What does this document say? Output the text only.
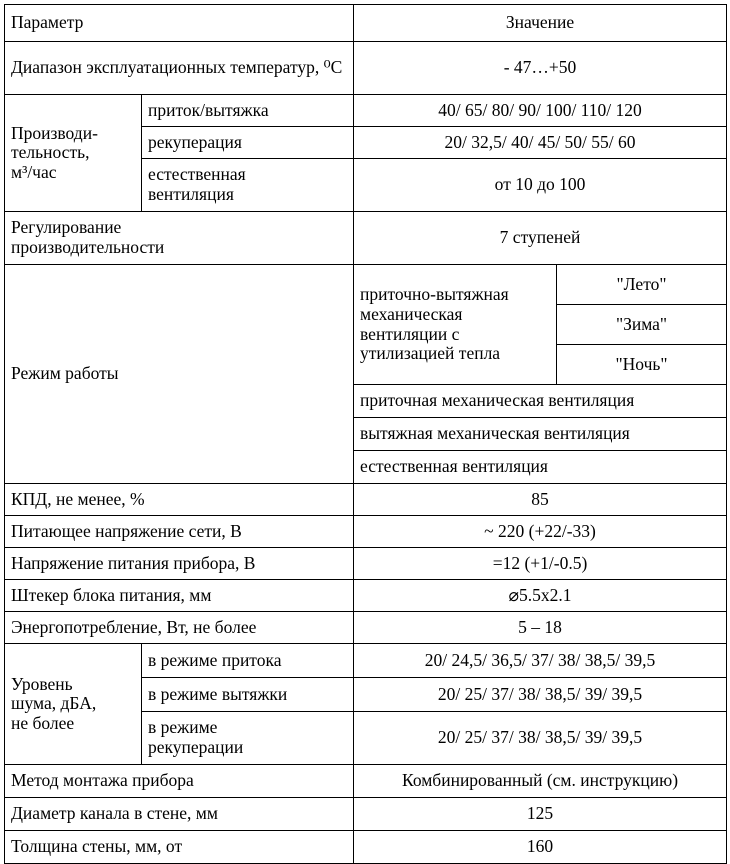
Параметр		Значение	
Диапазон эксплуатационных температур, ⁰С		- 47…+50	

Производи-
тельность,
м³/час	приток/вытяжка	40/ 65/ 80/ 90/ 100/ 110/ 120	
	рекуперация	20/ 32,5/ 40/ 45/ 50/ 55/ 60	

	естественная
вентиляция	от 10 до 100	

Регулирование
производительности		7 ступеней	
Режим работы		приточно-вытяжная
механическая
вентиляции с
утилизацией тепла	"Лето"
			"Зима"
			"Ночь"
		приточная механическая вентиляция	
		вытяжная механическая вентиляция	
		естественная вентиляция	
КПД, не менее, %		85	
Питающее напряжение сети, В		~ 220 (+22/-33)	
Напряжение питания прибора, В		=12 (+1/-0.5)	
Штекер блока питания, мм		⌀5.5х2.1	
Энергопотребление, Вт, не более		5 – 18	

Уровень
шума, дБА,
не более	в режиме притока	20/ 24,5/ 36,5/ 37/ 38/ 38,5/ 39,5	
	в режиме вытяжки	20/ 25/ 37/ 38/ 38,5/ 39/ 39,5	

	в режиме
рекуперации	20/ 25/ 37/ 38/ 38,5/ 39/ 39,5	
Метод монтажа прибора		Комбинированный (см. инструкцию)	
Диаметр канала в стене, мм		125	
Толщина стены, мм, от		160	
